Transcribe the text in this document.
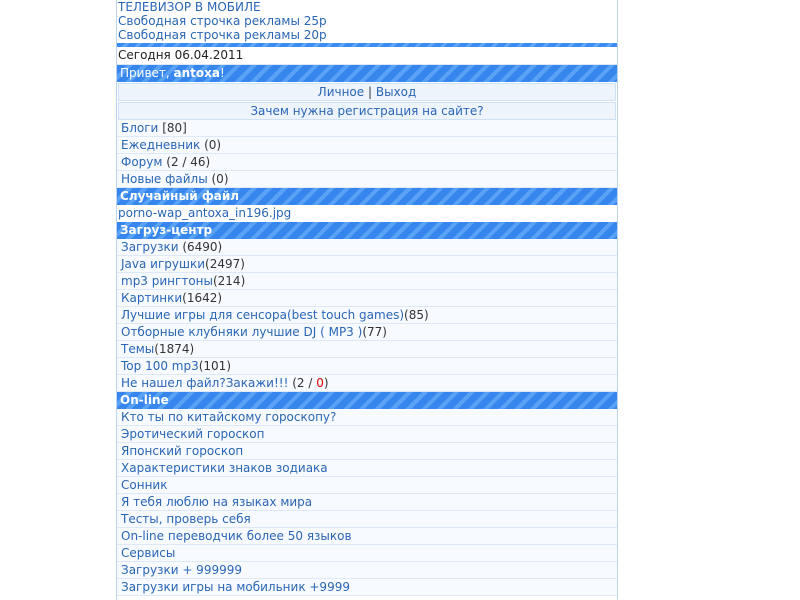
ТЕЛЕВИЗОР В МОБИЛЕ
Свободная строчка рекламы 25р
Свободная строчка рекламы 20р
Сегодня 06.04.2011
Привет, antoxa!
Личное | Выход
Зачем нужна регистрация на сайте?
Блоги [80]
Ежедневник (0)
Форум (2 / 46)
Новые файлы (0)
Случайный файл
porno-wap_antoxa_in196.jpg
Загруз-центр
Загрузки (6490)
Java игрушки(2497)
mp3 рингтоны(214)
Картинки(1642)
Лучшие игры для сенсора(best touch games)(85)
Отборные клубняки лучшие DJ ( MP3 )(77)
Темы(1874)
Top 100 mp3(101)
Не нашел файл?Закажи!!! (2 / 0)
On-line
Кто ты по китайскому гороскопу?
Эротический гороскоп
Японский гороскоп
Характеристики знаков зодиака
Сонник
Я тебя люблю на языках мира
Тесты, проверь себя
On-line переводчик более 50 языков
Сервисы
Загрузки + 999999
Загрузки игры на мобильник +9999
